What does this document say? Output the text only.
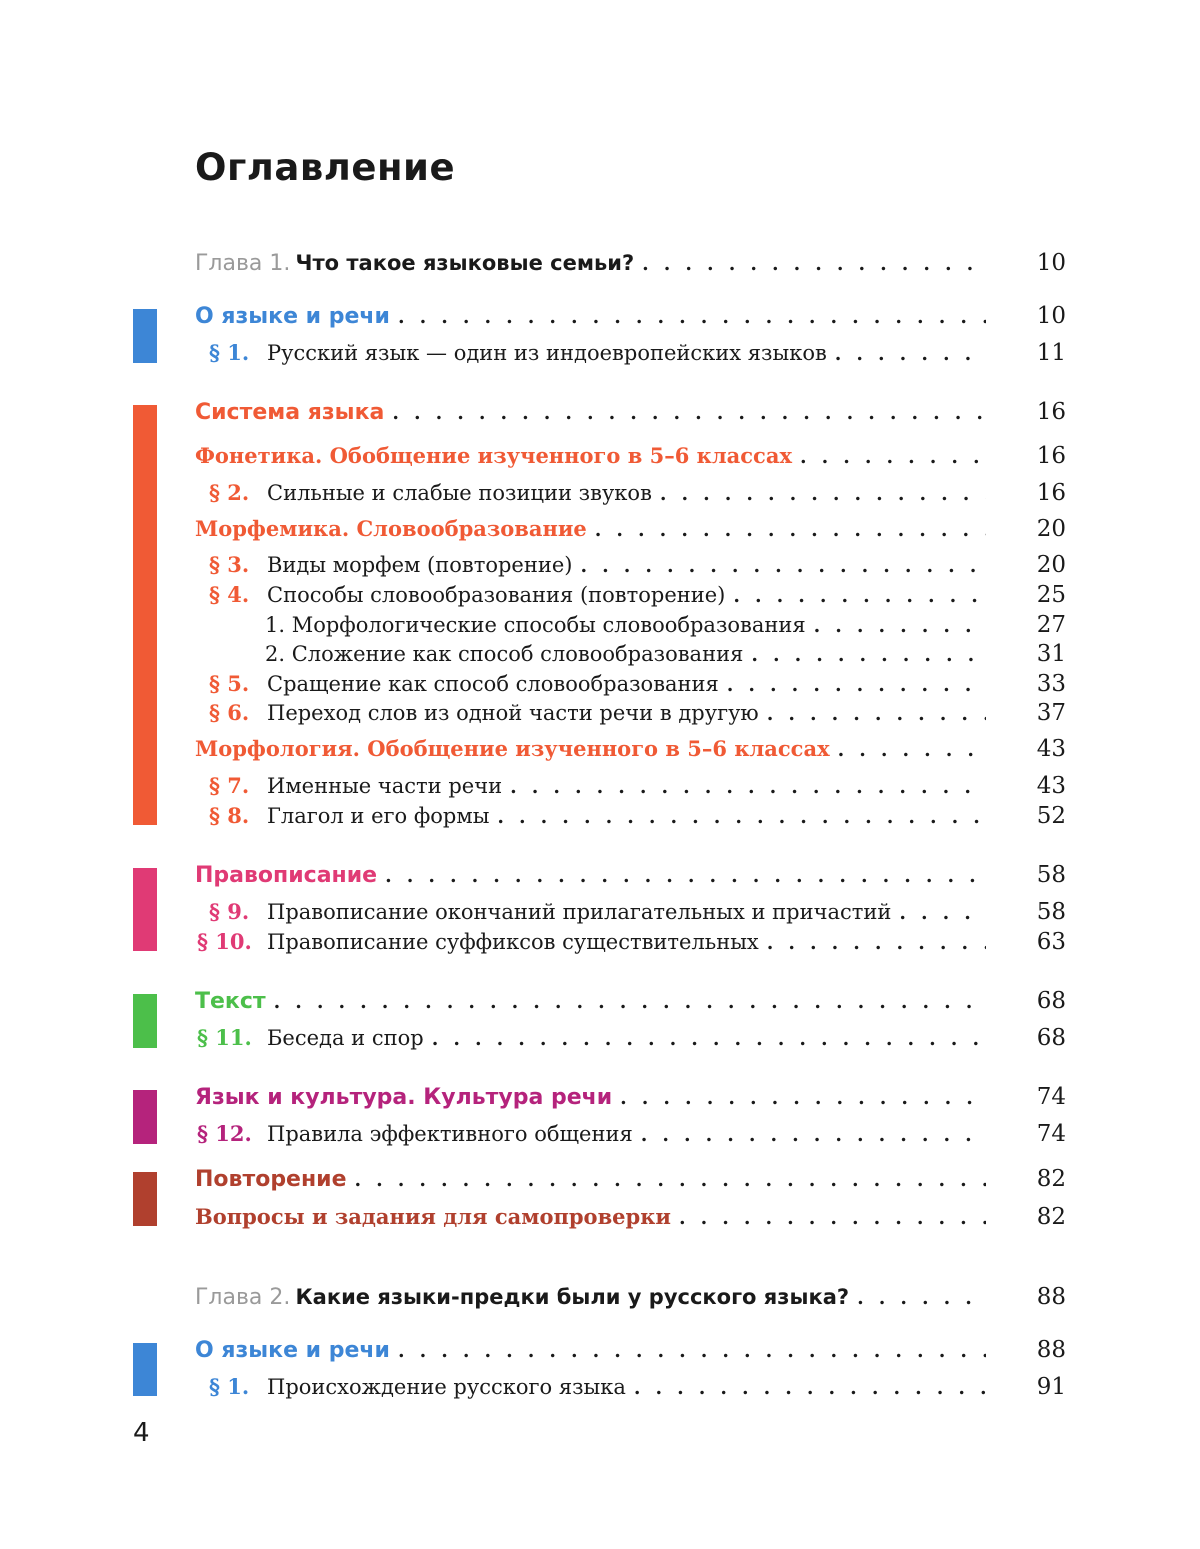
Оглавление
Глава 1. Что такое языковые семьи? . . .	10
О языке и речи . . .	10
§ 1. Русский язык — один из индоевропейских языков . . .	11
Система языка . . .	16
Фонетика. Обобщение изученного в 5–6 классах . . .	16
§ 2. Сильные и слабые позиции звуков . . .	16
Морфемика. Словообразование . . .	20
§ 3. Виды морфем (повторение) . . .	20
§ 4. Способы словообразования (повторение) . . .	25
1. Морфологические способы словообразования . . .	27
2. Сложение как способ словообразования . . .	31
§ 5. Сращение как способ словообразования . . .	33
§ 6. Переход слов из одной части речи в другую . . .	37
Морфология. Обобщение изученного в 5–6 классах . . .	43
§ 7. Именные части речи . . .	43
§ 8. Глагол и его формы . . .	52
Правописание . . .	58
§ 9. Правописание окончаний прилагательных и причастий . . .	58
§ 10. Правописание суффиксов существительных . . .	63
Текст . . .	68
§ 11. Беседа и спор . . .	68
Язык и культура. Культура речи . . .	74
§ 12. Правила эффективного общения . . .	74
Повторение . . .	82
Вопросы и задания для самопроверки . . .	82
Глава 2. Какие языки-предки были у русского языка? . . .	88
О языке и речи . . .	88
§ 1. Происхождение русского языка . . .	91
4
